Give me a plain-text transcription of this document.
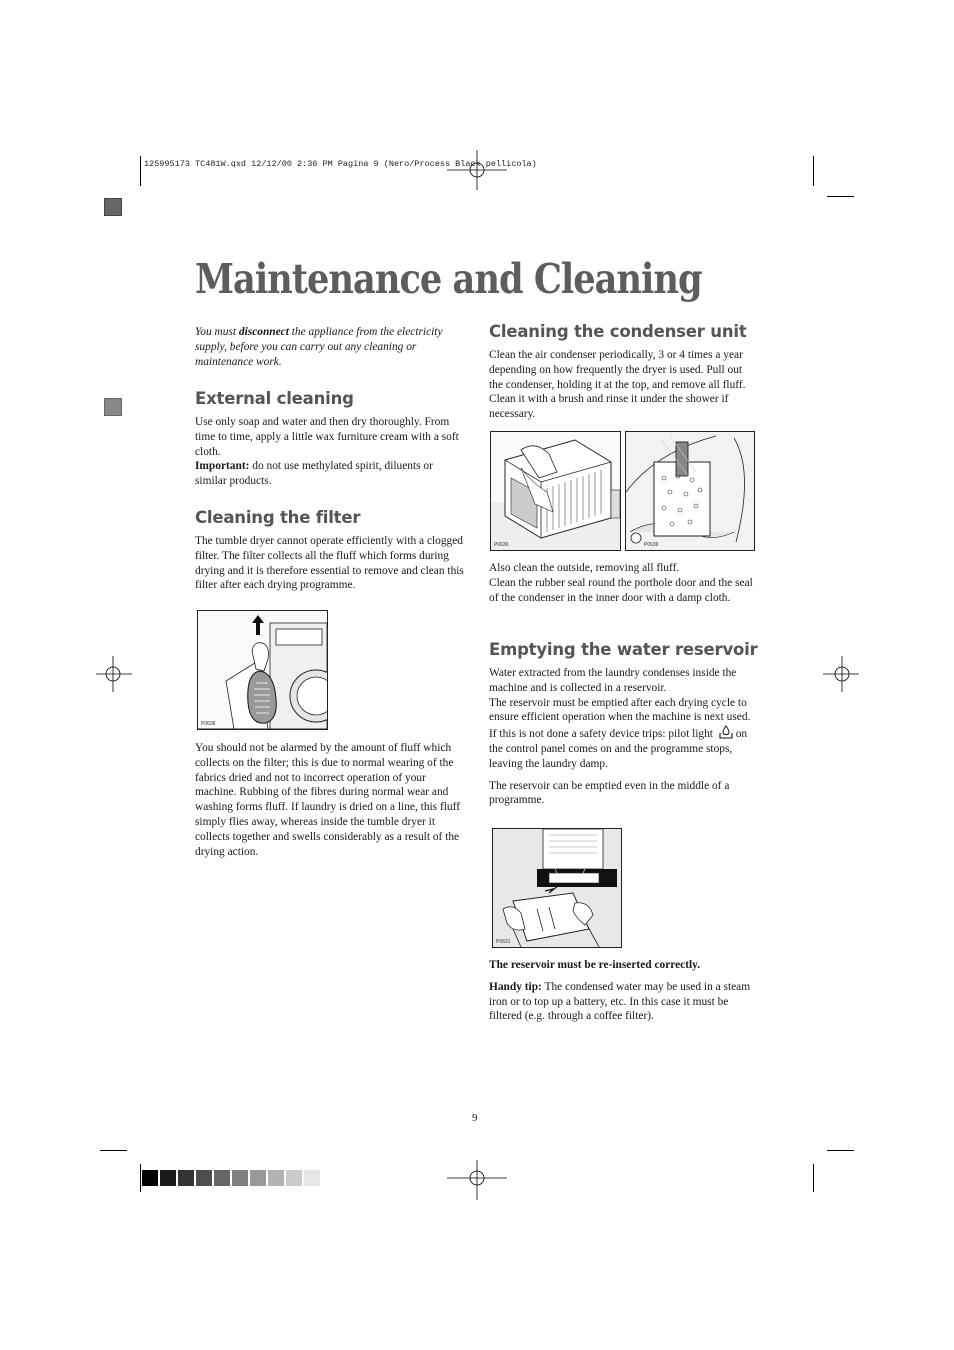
125995173 TC481W.qxd 12/12/00 2:36 PM Pagina 9 (Nero/Process Black pellicola)
Maintenance and Cleaning

You must disconnect the appliance from the electricity supply, before you can carry out any cleaning or maintenance work.

External cleaning

Use only soap and water and then dry thoroughly. From time to time, apply a little wax furniture cream with a soft cloth.

Important: do not use methylated spirit, diluents or similar products.

Cleaning the filter

The tumble dryer cannot operate efficiently with a clogged filter. The filter collects all the fluff which forms during drying and it is therefore essential to remove and clean this filter after each drying programme.

P0638

You should not be alarmed by the amount of fluff which collects on the filter; this is due to normal wearing of the fabrics dried and not to incorrect operation of your machine. Rubbing of the fibres during normal wear and washing forms fluff. If laundry is dried on a line, this fluff simply flies away, whereas inside the tumble dryer it collects together and swells considerably as a result of the drying action.

Cleaning the condenser unit

Clean the air condenser periodically, 3 or 4 times a year depending on how frequently the dryer is used. Pull out the condenser, holding it at the top, and remove all fluff. Clean it with a brush and rinse it under the shower if necessary.

P0630	P0639

Also clean the outside, removing all fluff.

Clean the rubber seal round the porthole door and the seal of the condenser in the inner door with a damp cloth.

Emptying the water reservoir

Water extracted from the laundry condenses inside the machine and is collected in a reservoir.

The reservoir must be emptied after each drying cycle to ensure efficient operation when the machine is next used.

If this is not done a safety device trips: pilot light  on the control panel comes on and the programme stops, leaving the laundry damp.

The reservoir can be emptied even in the middle of a programme.

P0631

The reservoir must be re-inserted correctly.

Handy tip: The condensed water may be used in a steam iron or to top up a battery, etc. In this case it must be filtered (e.g. through a coffee filter).

9
